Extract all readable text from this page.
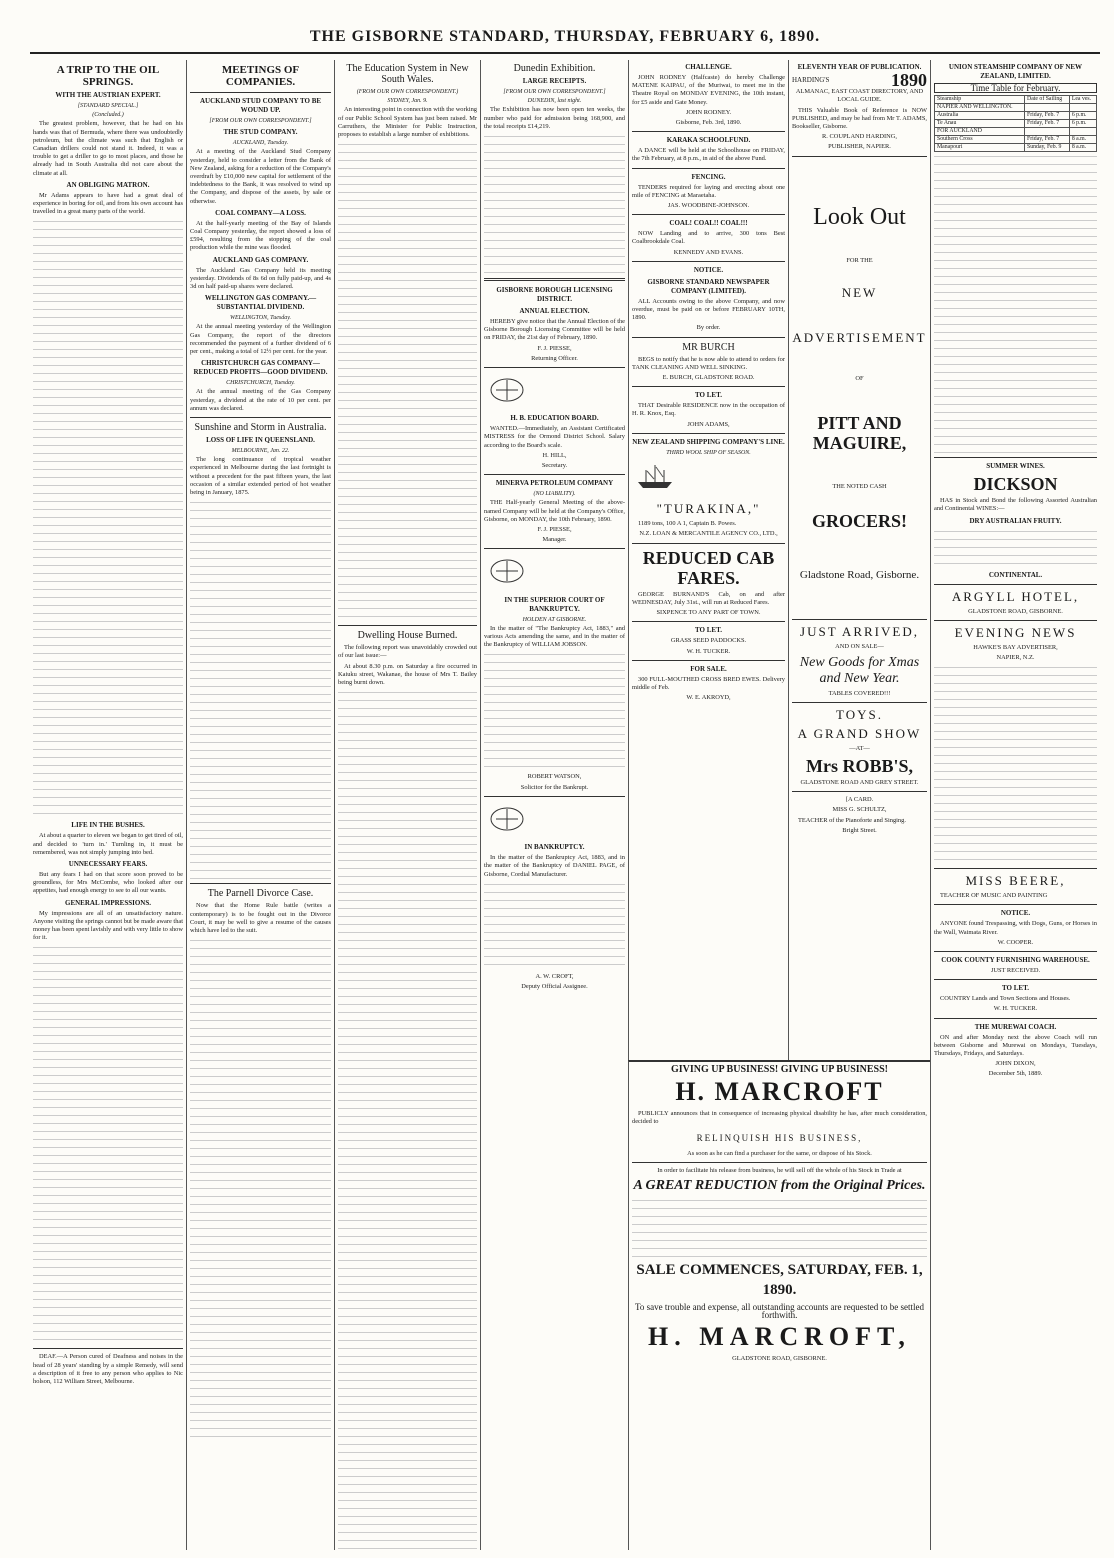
THE GISBORNE STANDARD, THURSDAY, FEBRUARY 6, 1890.
A TRIP TO THE OIL SPRINGS.
WITH THE AUSTRIAN EXPERT.
[STANDARD SPECIAL.]
(Concluded.)

The greatest problem, however, that he had on his hands was that of Bermuda, where there was undoubtedly petroleum, but the climate was such that English or Canadian drillers could not stand it. Indeed, it was a trouble to get a driller to go to most places, and those he already had in South Australia did not care about the climate at all.

AN OBLIGING MATRON.

Mr Adams appears to have had a great deal of experience in boring for oil, and from his own account has travelled in a great many parts of the world.

LIFE IN THE BUSHES.

At about a quarter to eleven we began to get tired of oil, and decided to 'turn in.' Turnling in, it must be remembered, was not simply jumping into bed.

UNNECESSARY FEARS.

But any fears I had on that score soon proved to be groundless, for Mrs McCombe, who looked after our appetites, had enough energy to see to all our wants.

GENERAL IMPRESSIONS.

My impressions are all of an unsatisfactory nature. Anyone visiting the springs cannot but be made aware that money has been spent lavishly and with very little to show for it.

DEAF.—A Person cured of Deafness and noises in the head of 28 years' standing by a simple Remedy, will send a description of it free to any person who applies to Nic holson, 112 William Street, Melbourne.

MEETINGS OF COMPANIES.
AUCKLAND STUD COMPANY TO BE WOUND UP.
[FROM OUR OWN CORRESPONDENT.]
THE STUD COMPANY.
AUCKLAND, Tuesday.

At a meeting of the Auckland Stud Company yesterday, held to consider a letter from the Bank of New Zealand, asking for a reduction of the Company's overdraft by £10,000 new capital for settlement of the indebtedness to the Bank, it was resolved to wind up the Company, and dispose of the assets, by sale or otherwise.

COAL COMPANY—A LOSS.

At the half-yearly meeting of the Bay of Islands Coal Company yesterday, the report showed a loss of £594, resulting from the stopping of the coal production while the mine was flooded.

AUCKLAND GAS COMPANY.

The Auckland Gas Company held its meeting yesterday. Dividends of 8s 6d on fully paid-up, and 4s 3d on half paid-up shares were declared.

WELLINGTON GAS COMPANY.—SUBSTANTIAL DIVIDEND.
WELLINGTON, Tuesday.

At the annual meeting yesterday of the Wellington Gas Company, the report of the directors recommended the payment of a further dividend of 6 per cent., making a total of 12½ per cent. for the year.

CHRISTCHURCH GAS COMPANY—REDUCED PROFITS—GOOD DIVIDEND.
CHRISTCHURCH, Tuesday.

At the annual meeting of the Gas Company yesterday, a dividend at the rate of 10 per cent. per annum was declared.

Sunshine and Storm in Australia.
LOSS OF LIFE IN QUEENSLAND.
MELBOURNE, Jan. 22.

The long continuance of tropical weather experienced in Melbourne during the last fortnight is without a precedent for the past fifteen years, the last occasion of a similar extended period of hot weather being in January, 1875.

The Parnell Divorce Case.

Now that the Home Rule battle (writes a contemporary) is to be fought out in the Divorce Court, it may be well to give a resume of the causes which have led to the suit.

The Education System in New South Wales.
(FROM OUR OWN CORRESPONDENT.)
SYDNEY, Jan. 9.

An interesting point in connection with the working of our Public School System has just been raised. Mr Carruthers, the Minister for Public Instruction, proposes to establish a large number of exhibitions.

Dwelling House Burned.

The following report was unavoidably crowded out of our last issue:—

At about 8.30 p.m. on Saturday a fire occurred in Kaiuku street, Wakanae, the house of Mrs T. Bailey being burnt down.

Dunedin Exhibition.
LARGE RECEIPTS.
[FROM OUR OWN CORRESPONDENT.]
DUNEDIN, last night.

The Exhibition has now been open ten weeks, the number who paid for admission being 168,900, and the total receipts £14,219.

GISBORNE BOROUGH LICENSING DISTRICT.
ANNUAL ELECTION.

HEREBY give notice that the Annual Election of the Gisborne Borough Licensing Committee will be held on FRIDAY, the 21st day of February, 1890.

F. J. PIESSE,
Returning Officer.
H. B. EDUCATION BOARD.

WANTED.—Immediately, an Assistant Certificated MISTRESS for the Ormond District School. Salary according to the Board's scale.

H. HILL,
Secretary.
MINERVA PETROLEUM COMPANY
(NO LIABILITY).

THE Half-yearly General Meeting of the above-named Company will be held at the Company's Office, Gisborne, on MONDAY, the 10th February, 1890.

F. J. PIESSE,
Manager.
IN THE SUPERIOR COURT OF BANKRUPTCY.
HOLDEN AT GISBORNE.

In the matter of "The Bankruptcy Act, 1883," and various Acts amending the same, and in the matter of the Bankruptcy of WILLIAM JOBSON.

ROBERT WATSON,
Solicitor for the Bankrupt.
IN BANKRUPTCY.

In the matter of the Bankruptcy Act, 1883, and in the matter of the Bankruptcy of DANIEL PAGE, of Gisborne, Cordial Manufacturer.

A. W. CROFT,
Deputy Official Assignee.
CHALLENGE.

JOHN RODNEY (Halfcaste) do hereby Challenge MATENE KAIPAU, of the Muriwai, to meet me in the Theatre Royal on MONDAY EVENING, the 10th instant, for £5 aside and Gate Money.

JOHN RODNEY.
Gisborne, Feb. 3rd, 1890.
KARAKA SCHOOLFUND.

A DANCE will be held at the Schoolhouse on FRIDAY, the 7th February, at 8 p.m., in aid of the above Fund.

FENCING.

TENDERS required for laying and erecting about one mile of FENCING at Maraetaha.

JAS. WOODBINE-JOHNSON.
COAL! COAL!! COAL!!!

NOW Landing and to arrive, 300 tons Best Coalbrookdale Coal.

KENNEDY AND EVANS.
NOTICE.
GISBORNE STANDARD NEWSPAPER COMPANY (LIMITED).

ALL Accounts owing to the above Company, and now overdue, must be paid on or before FEBRUARY 10TH, 1890.

By order.
MR BURCH

BEGS to notify that he is now able to attend to orders for TANK CLEANING AND WELL SINKING.

E. BURCH, GLADSTONE ROAD.
TO LET.

THAT Desirable RESIDENCE now in the occupation of H. R. Knox, Esq.

JOHN ADAMS,
NEW ZEALAND SHIPPING COMPANY'S LINE.
THIRD WOOL SHIP OF SEASON.
"TURAKINA,"

1189 tons, 100 A 1, Captain B. Powes.

N.Z. LOAN & MERCANTILE AGENCY CO., LTD.,
REDUCED CAB FARES.

GEORGE BURNAND'S Cab, on and after WEDNESDAY, July 31st., will run at Reduced Fares.

SIXPENCE TO ANY PART OF TOWN.
TO LET.
GRASS SEED PADDOCKS.
W. H. TUCKER.
FOR SALE.

300 FULL-MOUTHED CROSS BRED EWES. Delivery middle of Feb.

W. E. AKROYD,
ELEVENTH YEAR OF PUBLICATION.
HARDING'S	1890
ALMANAC, EAST COAST DIRECTORY, AND LOCAL GUIDE.

THIS Valuable Book of Reference is NOW PUBLISHED, and may be had from Mr T. ADAMS, Bookseller, Gisborne.

R. COUPLAND HARDING,
PUBLISHER, NAPIER.
Look Out
FOR THE
NEW
ADVERTISEMENT
OF
PITT AND MAGUIRE,
THE NOTED CASH
GROCERS!
Gladstone Road, Gisborne.
JUST ARRIVED,
AND ON SALE—
New Goods for Xmas and New Year.
TABLES COVERED!!!
TOYS.
A GRAND SHOW
—AT—
Mrs ROBB'S,
GLADSTONE ROAD AND GREY STREET.
[A CARD.
MISS G. SCHULTZ,

TEACHER of the Pianoforte and Singing.

Bright Street.
GIVING UP BUSINESS! GIVING UP BUSINESS!
H. MARCROFT

PUBLICLY announces that in consequence of increasing physical disability he has, after much consideration, decided to

RELINQUISH HIS BUSINESS,
As soon as he can find a purchaser for the same, or dispose of his Stock.
In order to facilitate his release from business, he will sell off the whole of his Stock in Trade at
A GREAT REDUCTION from the Original Prices.
SALE COMMENCES, SATURDAY, FEB. 1, 1890.
To save trouble and expense, all outstanding accounts are requested to be settled forthwith.
H. MARCROFT,
GLADSTONE ROAD, GISBORNE.
UNION STEAMSHIP COMPANY OF NEW ZEALAND, LIMITED.
Time Table for February.
Steamship	Date of Sailing	Lea ves.
NAPIER AND WELLINGTON.		
Australia	Friday, Feb. 7	6 p.m.
Te Anau	Friday, Feb. 7	6 p.m.
FOR AUCKLAND		
Southern Cross	Friday, Feb. 7	8 a.m.
Manapouri	Sunday, Feb. 9	8 a.m.
SUMMER WINES.
DICKSON

HAS in Stock and Bond the following Assorted Australian and Continental WINES:—

DRY AUSTRALIAN FRUITY.
CONTINENTAL.
ARGYLL HOTEL,
GLADSTONE ROAD, GISBORNE.
EVENING NEWS
HAWKE'S BAY ADVERTISER,
NAPIER, N.Z.
MISS BEERE,

TEACHER OF MUSIC AND PAINTING

NOTICE.

ANYONE found Trespassing, with Dogs, Guns, or Horses in the Wall, Waimata River.

W. COOPER.
COOK COUNTY FURNISHING WAREHOUSE.
JUST RECEIVED.
TO LET.

COUNTRY Lands and Town Sections and Houses.

W. H. TUCKER.
THE MUREWAI COACH.

ON and after Monday next the above Coach will run between Gisborne and Murewai on Mondays, Tuesdays, Thursdays, Fridays, and Saturdays.

JOHN DIXON,
December 5th, 1889.
